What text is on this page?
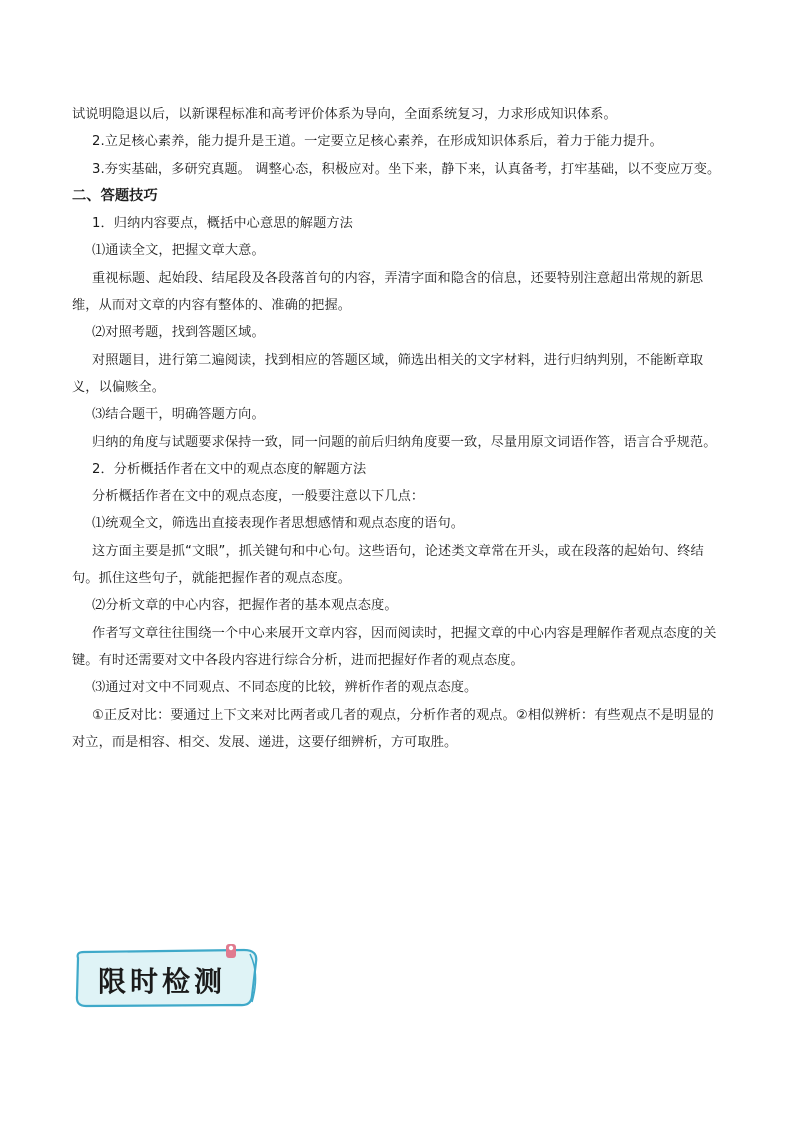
试说明隐退以后，以新课程标准和高考评价体系为导向，全面系统复习，力求形成知识体系。

2.立足核心素养，能力提升是王道。一定要立足核心素养，在形成知识体系后，着力于能力提升。

3.夯实基础，多研究真题。 调整心态，积极应对。坐下来，静下来，认真备考，打牢基础，以不变应万变。

二、答题技巧

1．归纳内容要点，概括中心意思的解题方法

⑴通读全文，把握文章大意。

重视标题、起始段、结尾段及各段落首句的内容，弄清字面和隐含的信息，还要特别注意超出常规的新思维，从而对文章的内容有整体的、准确的把握。

⑵对照考题，找到答题区域。

对照题目，进行第二遍阅读，找到相应的答题区域，筛选出相关的文字材料，进行归纳判别，不能断章取义，以偏赅全。

⑶结合题干，明确答题方向。

归纳的角度与试题要求保持一致，同一问题的前后归纳角度要一致，尽量用原文词语作答，语言合乎规范。

2．分析概括作者在文中的观点态度的解题方法

分析概括作者在文中的观点态度，一般要注意以下几点：

⑴统观全文，筛选出直接表现作者思想感情和观点态度的语句。

这方面主要是抓“文眼”，抓关键句和中心句。这些语句，论述类文章常在开头，或在段落的起始句、终结句。抓住这些句子，就能把握作者的观点态度。

⑵分析文章的中心内容，把握作者的基本观点态度。

作者写文章往往围绕一个中心来展开文章内容，因而阅读时，把握文章的中心内容是理解作者观点态度的关键。有时还需要对文中各段内容进行综合分析，进而把握好作者的观点态度。

⑶通过对文中不同观点、不同态度的比较，辨析作者的观点态度。

①正反对比：要通过上下文来对比两者或几者的观点，分析作者的观点。②相似辨析：有些观点不是明显的对立，而是相容、相交、发展、递进，这要仔细辨析，方可取胜。

限时检测
